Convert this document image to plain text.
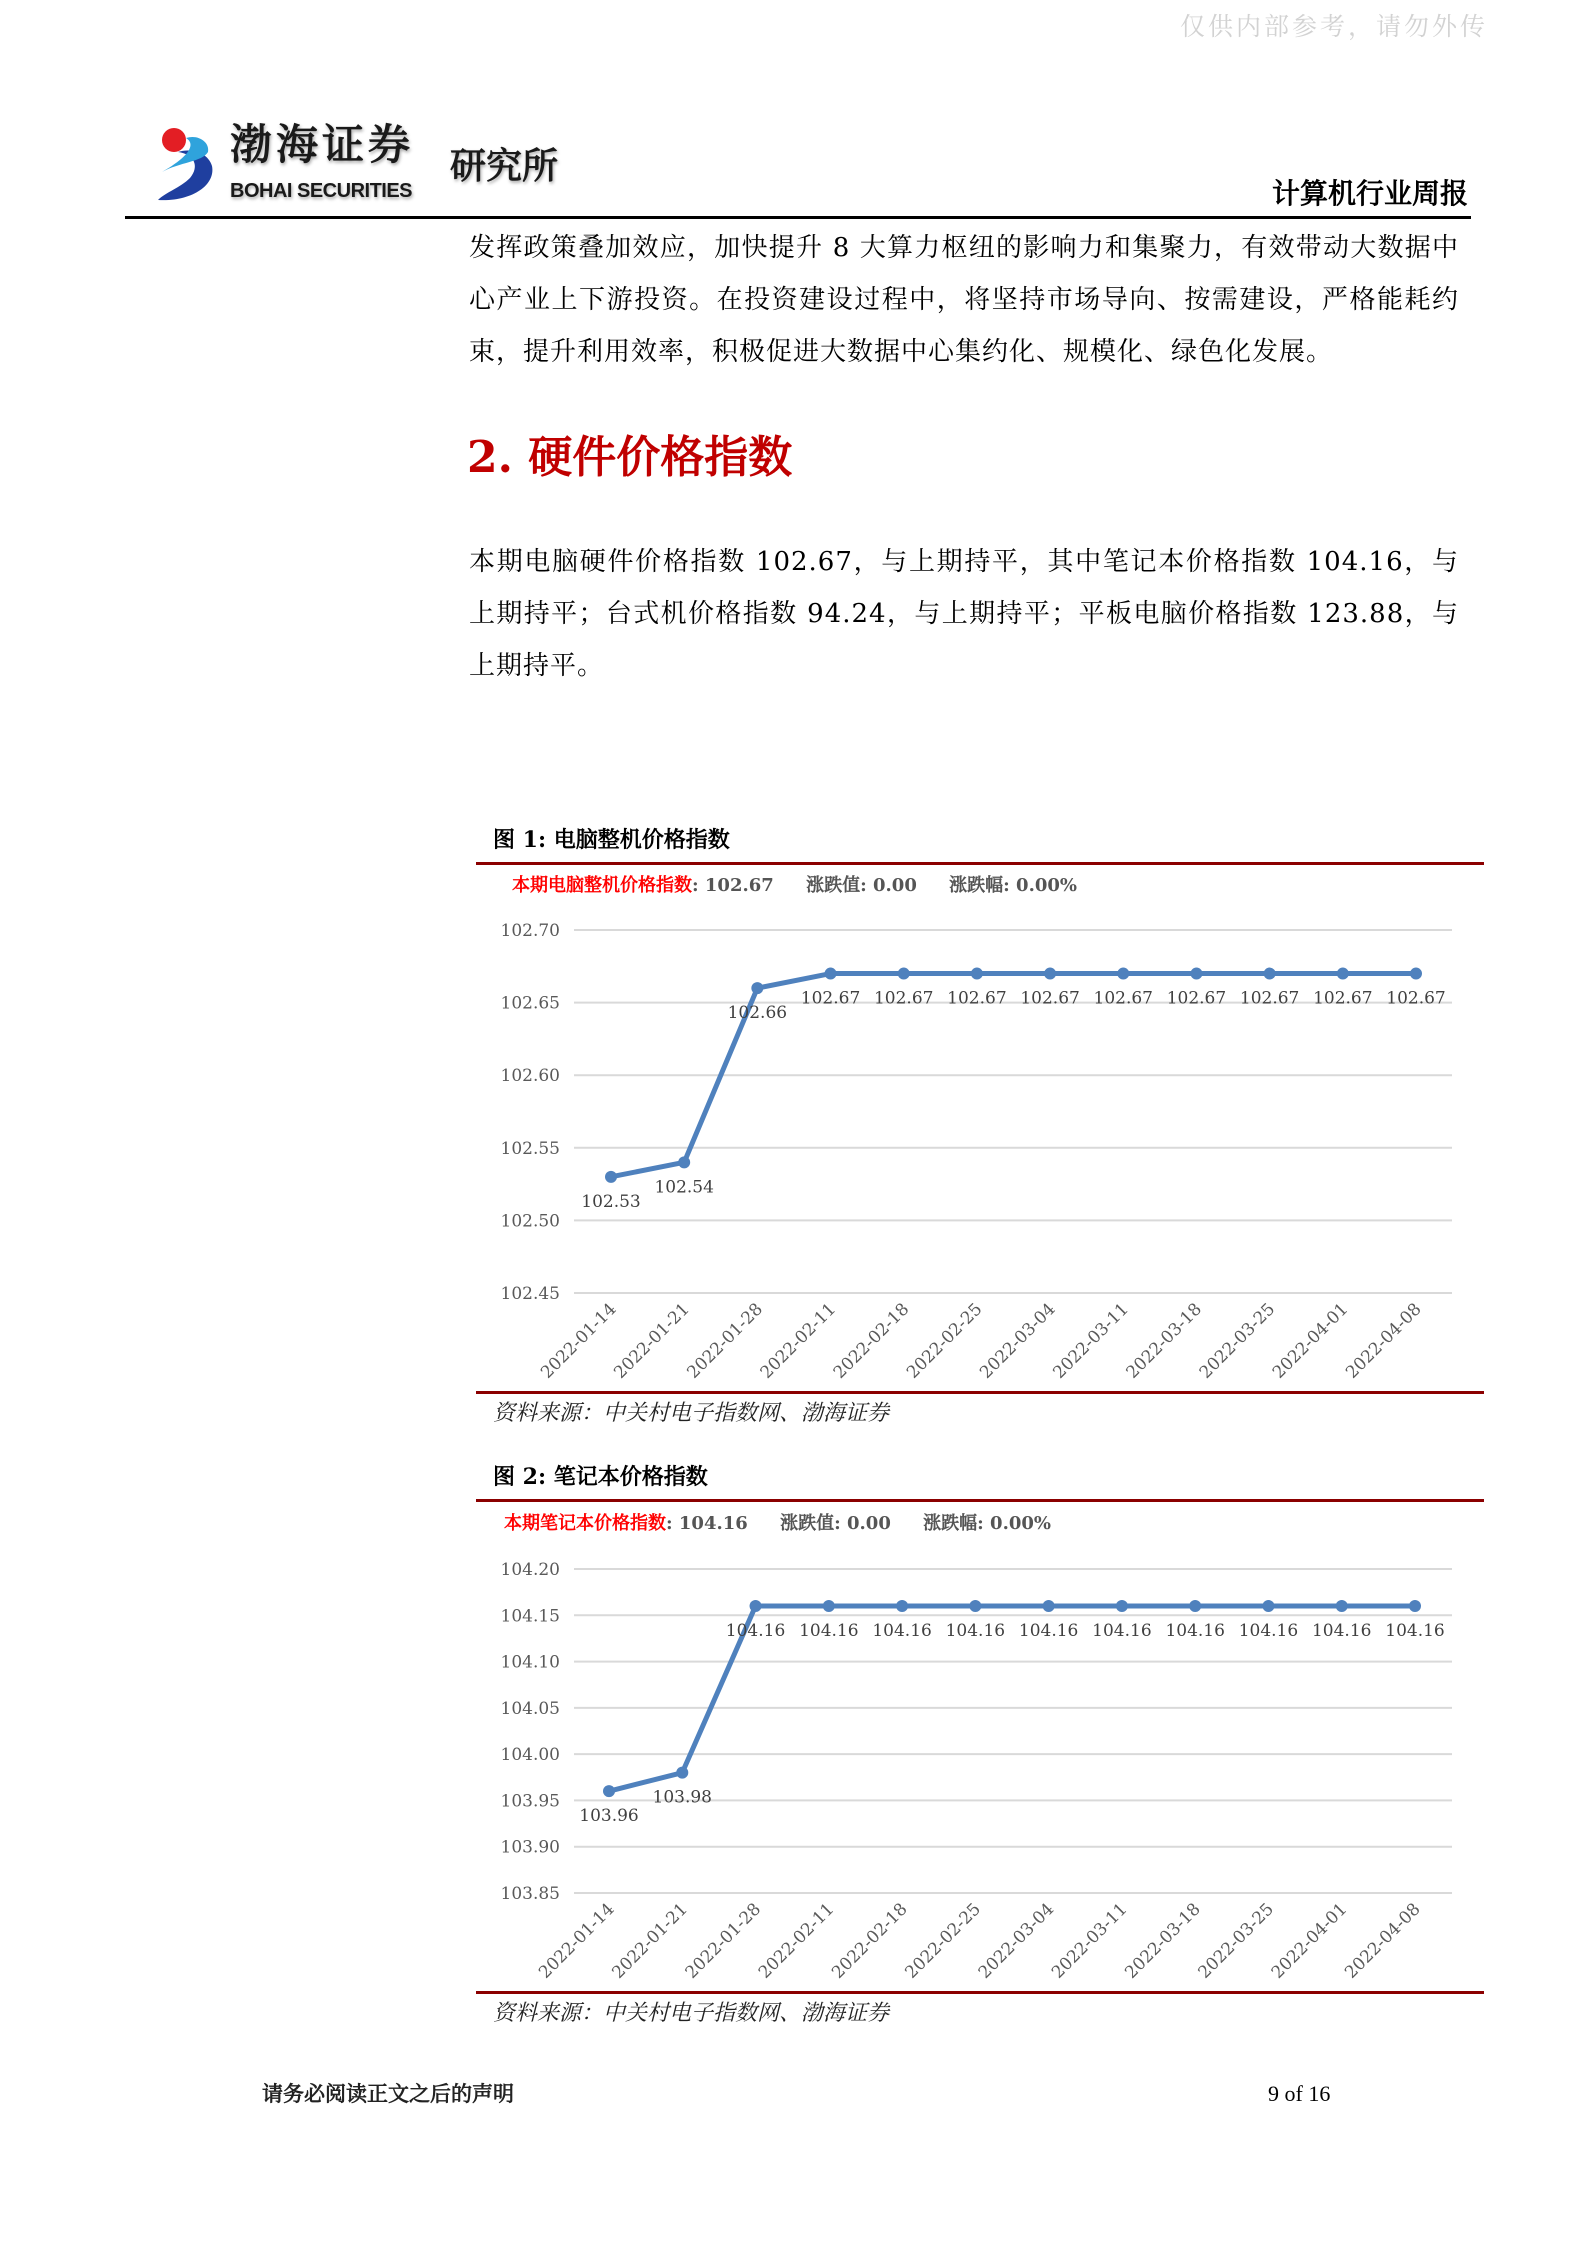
仅供内部参考，请勿外传
渤海证券
BOHAI SECURITIES
研究所
计算机行业周报
发挥政策叠加效应，加快提升 8 大算力枢纽的影响力和集聚力，有效带动大数据中心产业上下游投资。在投资建设过程中，将坚持市场导向、按需建设，严格能耗约束，提升利用效率，积极促进大数据中心集约化、规模化、绿色化发展。
2. 硬件价格指数
本期电脑硬件价格指数 102.67，与上期持平，其中笔记本价格指数 104.16，与上期持平；台式机价格指数 94.24，与上期持平；平板电脑价格指数 123.88，与上期持平。
图 1: 电脑整机价格指数
本期电脑整机价格指数: 102.67 涨跌值: 0.00 涨跌幅: 0.00%
102.70
102.65
102.60
102.55
102.50
102.45
102.53
102.54
102.66
102.67 102.67 102.67 102.67 102.67 102.67 102.67 102.67 102.67
2022-01-14
2022-01-21
2022-01-28
2022-02-11
2022-02-18
2022-02-25
2022-03-04
2022-03-11
2022-03-18
2022-03-25
2022-04-01
2022-04-08
资料来源：中关村电子指数网、渤海证券
图 2: 笔记本价格指数
本期笔记本价格指数: 104.16 涨跌值: 0.00 涨跌幅: 0.00%
104.20
104.15
104.10
104.05
104.00
103.95
103.90
103.85
103.96
103.98
104.16 104.16 104.16 104.16 104.16 104.16 104.16 104.16 104.16 104.16
2022-01-14
2022-01-21
2022-01-28
2022-02-11
2022-02-18
2022-02-25
2022-03-04
2022-03-11
2022-03-18
2022-03-25
2022-04-01
2022-04-08
资料来源：中关村电子指数网、渤海证券
请务必阅读正文之后的声明	9 of 16
